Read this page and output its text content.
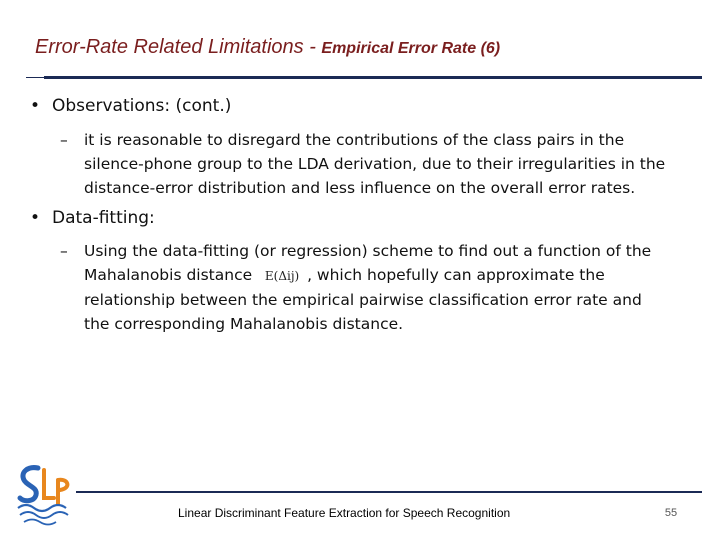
Error-Rate Related Limitations - Empirical Error Rate (6)
• Observations: (cont.)
–	it is reasonable to disregard the contributions of the class pairs in the
silence-phone group to the LDA derivation, due to their irregularities in the
distance-error distribution and less influence on the overall error rates.
• Data-fitting:
–	Using the data-fitting (or regression) scheme to find out a function of the
Mahalanobis distance E(Δij) , which hopefully can approximate the
relationship between the empirical pairwise classification error rate and
the corresponding Mahalanobis distance.
Linear Discriminant Feature Extraction for Speech Recognition	55
